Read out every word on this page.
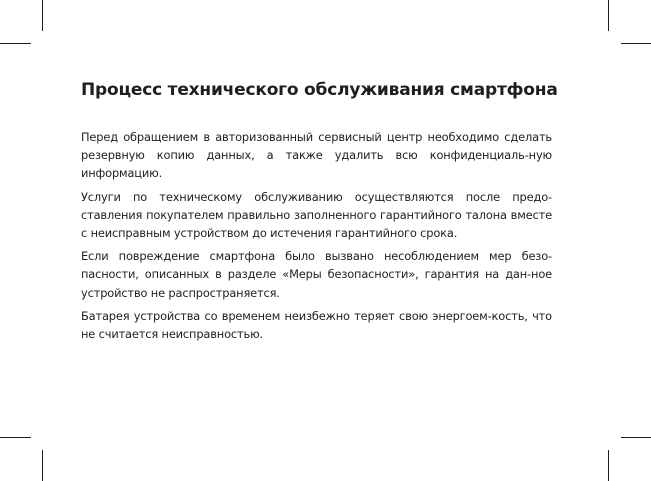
Процесс технического обслуживания смартфона

Перед обращением в авторизованный сервисный центр необходимо сделать резервную копию данных, а также удалить всю конфиденциаль-ную информацию.

Услуги по техническому обслуживанию осуществляются после предо-ставления покупателем правильно заполненного гарантийного талона вместе с неисправным устройством до истечения гарантийного срока.

Если повреждение смартфона было вызвано несоблюдением мер безо-пасности, описанных в разделе «Меры безопасности», гарантия на дан-ное устройство не распространяется.

Батарея устройства со временем неизбежно теряет свою энергоем-кость, что не считается неисправностью.
